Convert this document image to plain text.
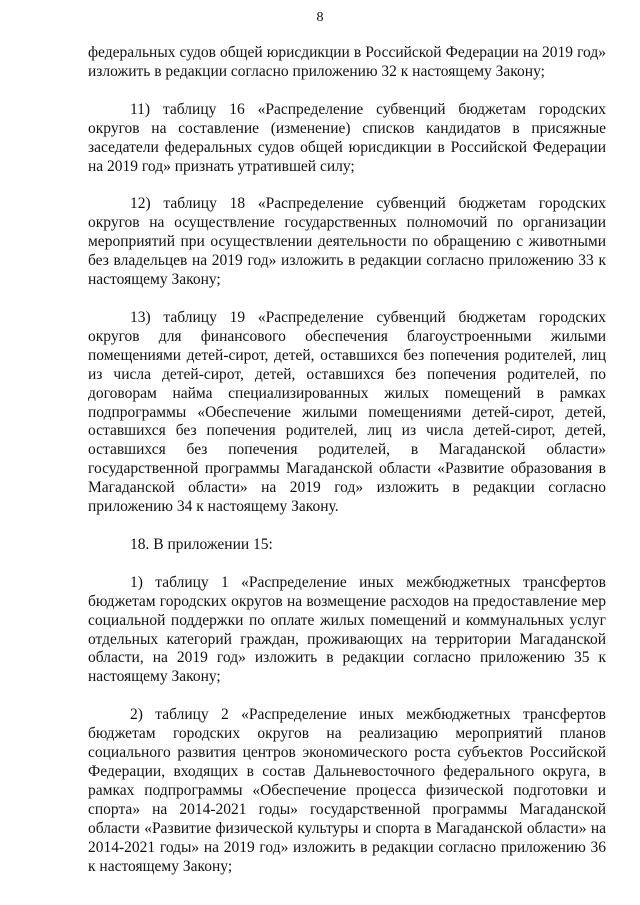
8

федеральных судов общей юрисдикции в Российской Федерации на 2019 год» изложить в редакции согласно приложению 32 к настоящему Закону;

11) таблицу 16 «Распределение субвенций бюджетам городских округов на составление (изменение) списков кандидатов в присяжные заседатели федеральных судов общей юрисдикции в Российской Федерации на 2019 год» признать утратившей силу;

12) таблицу 18 «Распределение субвенций бюджетам городских округов на осуществление государственных полномочий по организации мероприятий при осуществлении деятельности по обращению с животными без владельцев на 2019 год» изложить в редакции согласно приложению 33 к настоящему Закону;

13) таблицу 19 «Распределение субвенций бюджетам городских округов для финансового обеспечения благоустроенными жилыми помещениями детей-сирот, детей, оставшихся без попечения родителей, лиц из числа детей-сирот, детей, оставшихся без попечения родителей, по договорам найма специализированных жилых помещений в рамках подпрограммы «Обеспечение жилыми помещениями детей-сирот, детей, оставшихся без попечения родителей, лиц из числа детей-сирот, детей, оставшихся без попечения родителей, в Магаданской области» государственной программы Магаданской области «Развитие образования в Магаданской области» на 2019 год» изложить в редакции согласно приложению 34 к настоящему Закону.

18. В приложении 15:

1) таблицу 1 «Распределение иных межбюджетных трансфертов бюджетам городских округов на возмещение расходов на предоставление мер социальной поддержки по оплате жилых помещений и коммунальных услуг отдельных категорий граждан, проживающих на территории Магаданской области, на 2019 год» изложить в редакции согласно приложению 35 к настоящему Закону;

2) таблицу 2 «Распределение иных межбюджетных трансфертов бюджетам городских округов на реализацию мероприятий планов социального развития центров экономического роста субъектов Российской Федерации, входящих в состав Дальневосточного федерального округа, в рамках подпрограммы «Обеспечение процесса физической подготовки и спорта» на 2014-2021 годы» государственной программы Магаданской области «Развитие физической культуры и спорта в Магаданской области» на 2014-2021 годы» на 2019 год» изложить в редакции согласно приложению 36 к настоящему Закону;
